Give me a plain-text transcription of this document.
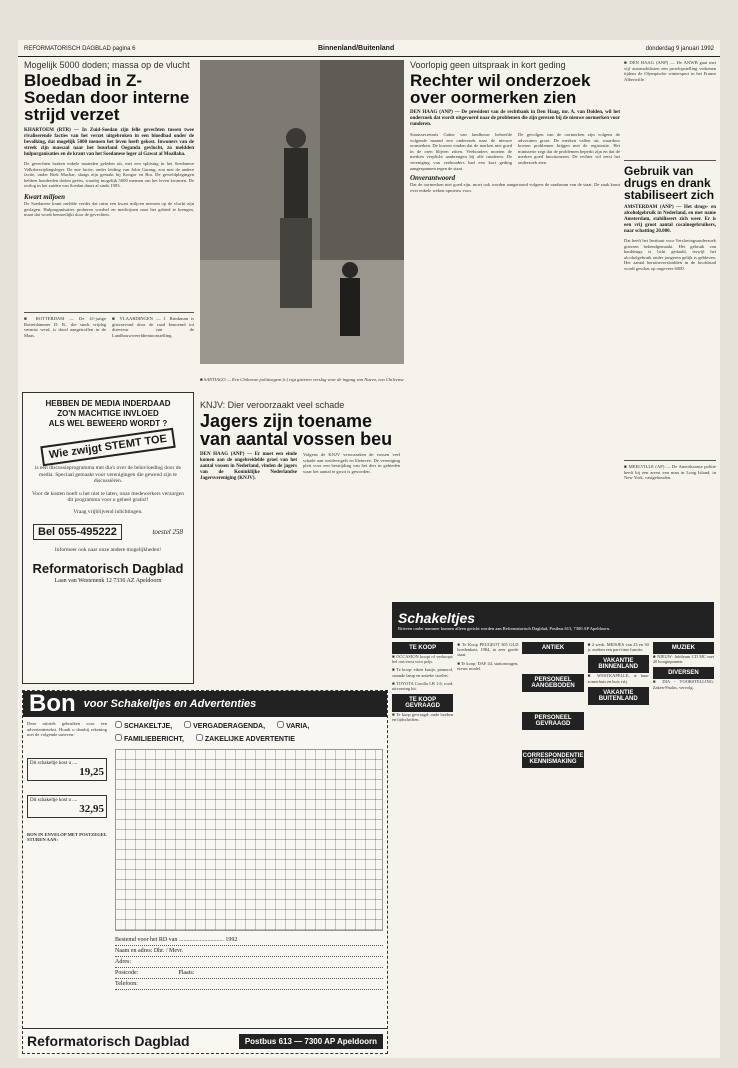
REFORMATORISCH DAGBLAD pagina 6	Binnenland/Buitenland	donderdag 9 januari 1992
Mogelijk 5000 doden; massa op de vlucht
Bloedbad in Z-Soedan door interne strijd verzet
KHARTOEM (RTR) — In Zuid-Soedan zijn felle gevechten tussen twee rivaliserende facties van het verzet uitgebroken in een bloedbad onder de bevolking, dat mogelijk 5000 mensen het leven heeft gekost. Inwoners van de streek zijn massaal naar het buurland Oeganda gevlucht, zo meldden hulporganisaties en de krant van het Soedanese leger al Gawat al Moallaha.
De gevechten braken enkele maanden geleden uit, met een splitsing in het Soedanese Volksbevrijdingsleger. De ene factie, onder leiding van John Garang, zou met de andere factie, onder Riek Machar, slaags zijn geraakt bij Kongor en Bor. De geweldplegingen hebben honderden doden geëist, waarbij mogelijk 5000 mensen om het leven kwamen. De oorlog in het zuiden van Soedan duurt al sinds 1983.
Kwart miljoen
De Soedanese krant meldde verder dat ruim een kwart miljoen mensen op de vlucht zijn geslagen. Hulporganisaties proberen voedsel en medicijnen naar het gebied te brengen, maar dat wordt bemoeilijkt door de gevechten.
■ ROTTERDAM — De 41-jarige Rotterdammer D. R., die sinds vrijdag vermist werd, is dood aangetroffen in de Maas.
■ VLAARDINGEN — J. Brinkman is gisteravond door de raad benoemd tot directeur van de Landbouwwereldtentoonstelling.
■ SANTIAGO — Een Chileense politieagent (r.) rigt gisteren verslag voor de ingang van Nuevo, een Chileense
Voorlopig geen uitspraak in kort geding
Rechter wil onderzoek over oormerken zien
DEN HAAG (ANP) — De president van de rechtbank in Den Haag, mr. A. van Dolden, wil het onderzoek dat wordt uitgevoerd naar de problemen die zijn gerezen bij de nieuwe oormerken voor runderen.
Staatssecretaris Gabor van landbouw behoefde volgende maand een onderzoek naar de nieuwe oormerken. De boeren vinden dat de merken niet goed in de oren blijven zitten. Veehouders moeten de merken verplicht aanbrengen bij alle runderen. De vereniging van veehouders had een kort geding aangespannen tegen de staat.
De gevolgen van de oormerken zijn volgens de advocaten groot. De merken vallen uit, waardoor boeren problemen krijgen met de registratie. Het ministerie zegt dat de problemen beperkt zijn en dat de merken goed functioneren. De rechter wil eerst het onderzoek zien.
Onverantwoord
Dat de oormerken niet goed zijn, moet ook worden aangetoond volgens de raadsman van de staat. De zaak komt over enkele weken opnieuw voor.
■ DEN HAAG (ANP) — De ANWB gaat met vijf automobilisten een proefopstelling verkenen tijdens de Olympische wintersport in het Franse Albertville.
Gebruik van drugs en drank stabiliseert zich
AMSTERDAM (ANP) — Het drugs- en alcoholgebruik in Nederland, en met name Amsterdam, stabiliseert zich weer. Er is een vrij groot aantal cocaïnegebruikers, naar schatting 20.000.
Dat heeft het Instituut voor Verslavingsonderzoek gisteren bekendgemaakt. Het gebruik van harddrugs is licht gedaald, terwijl het alcoholgebruik onder jongeren gelijk is gebleven. Het aantal heroïneverslaafden in de hoofdstad wordt geschat op ongeveer 6000.
■ MEELVILLE (AP) — De Amerikaanse politie heeft bij een arrest een man in Long Island, in New York, vastgehouden.
KNJV: Dier veroorzaakt veel schade
Jagers zijn toename van aantal vossen beu
DEN HAAG (ANP) — Er moet een einde komen aan de ongebreidelde groei van het aantal vossen in Nederland, vinden de jagers van de Koninklijke Nederlandse Jagersvereniging (KNJV).
Volgens de KNJV veroorzaken de vossen veel schade aan weidevogels en kleinvee. De vereniging pleit voor een bestrijding van het dier in gebieden waar het aantal te groot is geworden.
HEBBEN DE MEDIA INDERDAAD
ZO'N MACHTIGE INVLOED
ALS WEL BEWEERD WORDT ?
Wie zwijgt STEMT TOE
is een discussieprogramma met dia's over de beïnvloeding door de media. Speciaal gemaakt voor verenigingen die gewend zijn te discussiëren.
Voor de kosten hoeft u het niet te laten, onze medewerkers verzorgen dit programma voor u geheel gratis!!
Vraag vrijblijvend inlichtingen.
Bel 055-495222	toestel 258
Informeer ook naar onze andere mogelijkheden!
Reformatorisch Dagblad
Laan van Westenenk 12 7336 AZ Apeldoorn
Bon voor Schakeltjes en Advertenties
Deze rubriek gebruiken voor een advertentietekst. Houdt u daarbij rekening met de volgende tarieven:
Dit schakeltje kost u ....
19,25
Dit schakeltje kost u ....
32,95
BON IN ENVELOP MET POSTZEGEL STUREN AAN:
SCHAKELTJE,	VERGADERAGENDA,	VARIA,
FAMILIEBERICHT,	ZAKELIJKE ADVERTENTIE
Bestemd voor het RD van .............................. 1992
Naam en adres: Dhr. / Mevr.
Adres:
Postcode:	Plaats:
Telefoon:
Reformatorisch Dagblad	Postbus 613 — 7300 AP Apeldoorn
Schakeltjes
Brieven onder nummer kunnen alleen gericht worden aan Reformatorisch Dagblad, Postbus 613, 7300 AP Apeldoorn.
TE KOOP
■ OCCASION koopt of verkoopt; bel ons eerst voor prijs.
■ Te koop: eiken kastje, pianorol, staande lamp en antieke stoelen.
■ TOYOTA Corolla LB 1.6, rood, uitvoering kit.
TE KOOP GEVRAAGD
■ Te koop gevraagd: oude boeken en tijdschriften.
■ Te Koop PEUGEOT 305 GLD hoedenkast, 1984, in zeer goede staat.
■ Te koop: DAF 44, stationwagen, nieuw model.
ANTIEK
PERSONEEL AANGEBODEN
PERSONEEL GEVRAAGD
CORRESPONDENTIE KENNISMAKING
■ 2 werk. MEISJES van 23 en 30 jr. zoeken een part-time functie.
VAKANTIE BINNENLAND
■ WESTKAPELLE, te huur zomerhuis en huis vrij.
VAKANTIE BUITENLAND
MUZIEK
■ NIEUW: Jubileum CD MC met 20 hoogtepunten.
DIVERSEN
■ DIA - VOORSTELLING: Zaken-Paulus, vervolg.
